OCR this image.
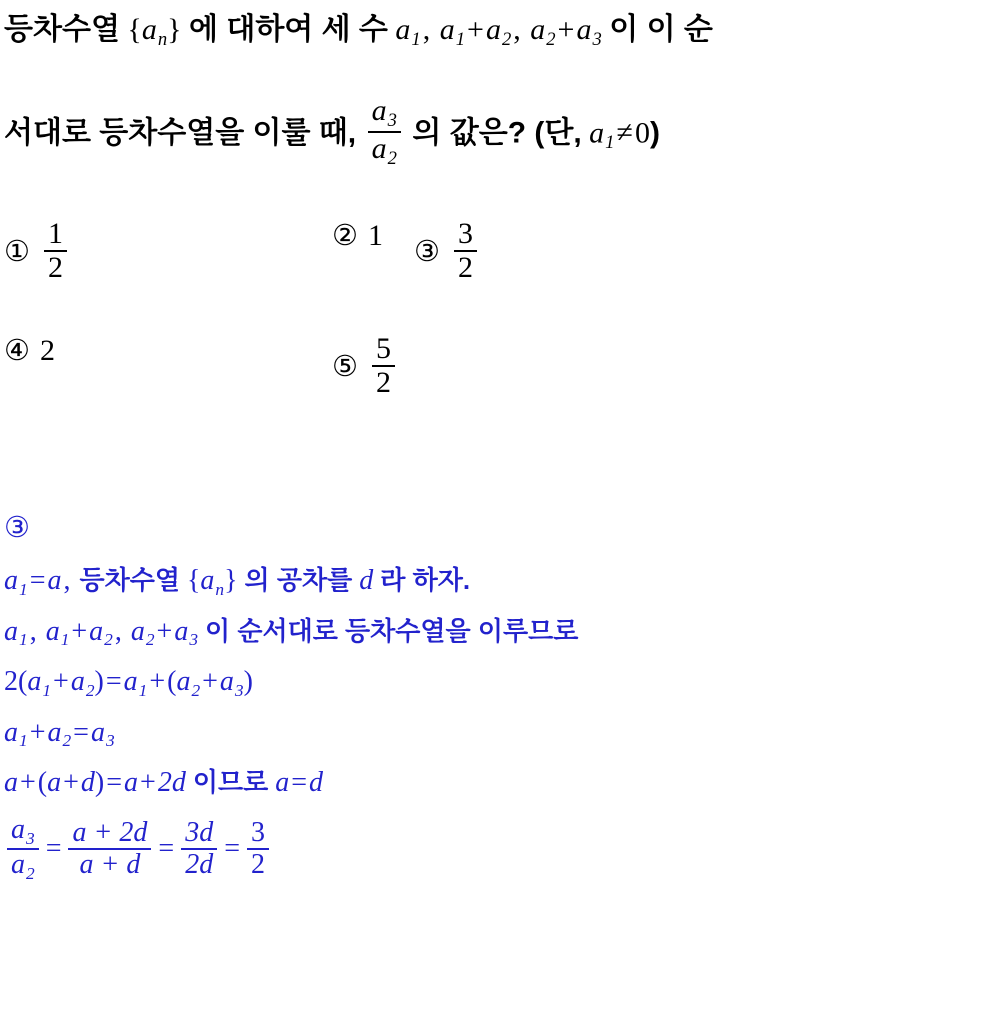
등차수열 $\{a_n\}$ 에 대하여 세 수 $a_1$, $a_1+a_2$, $a_2+a_3$ 이 이 순
서대로 등차수열을 이룰 때, $\frac{a_3}{a_2}$ 의 값은? (단, $a_1\ne 0$)
① $\frac{1}{2}$	② 1
③ $\frac{3}{2}$
④ 2
⑤ $\frac{5}{2}$
③
$a_1=a$, 등차수열 $\{a_n\}$ 의 공차를 d 라 하자.
$a_1$, $a_1+a_2$, $a_2+a_3$ 이 순서대로 등차수열을 이루므로
$2(a_1+a_2)=a_1+(a_2+a_3)$
$a_1+a_2=a_3$
a+(a+d)=a+2d 이므로 a=d
$\frac{a_3}{a_2} = \frac{a + 2d}{a + d} = \frac{3d}{2d} = \frac{3}{2}$
